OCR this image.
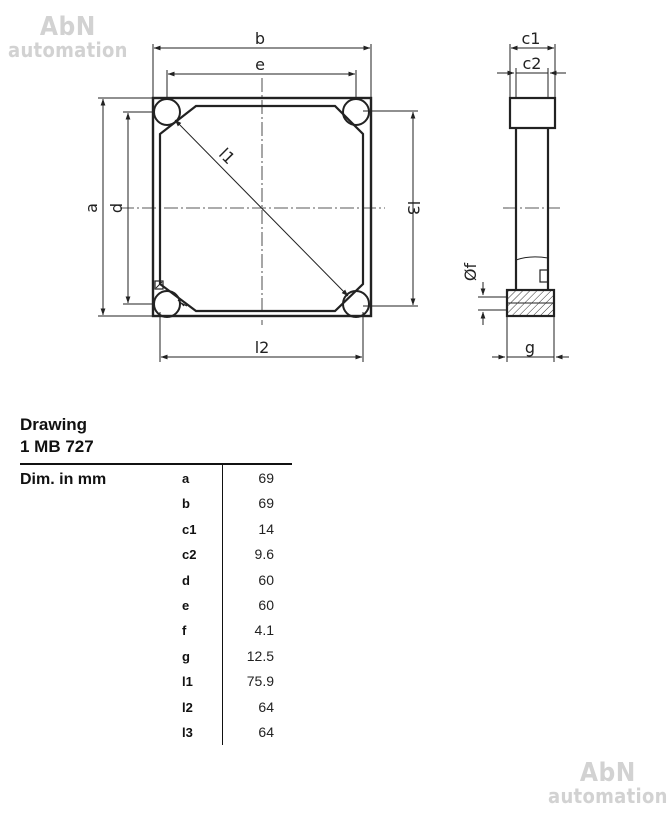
AbN
automation
AbN
automation
b
e
a d
l1
l2
l3
c1
c2
Øf
g
Drawing
1 MB 727
Dim. in mm	a	69
b	69
c1	14
c2	9.6
d	60
e	60
f	4.1
g	12.5
l1	75.9
l2	64
l3	64
